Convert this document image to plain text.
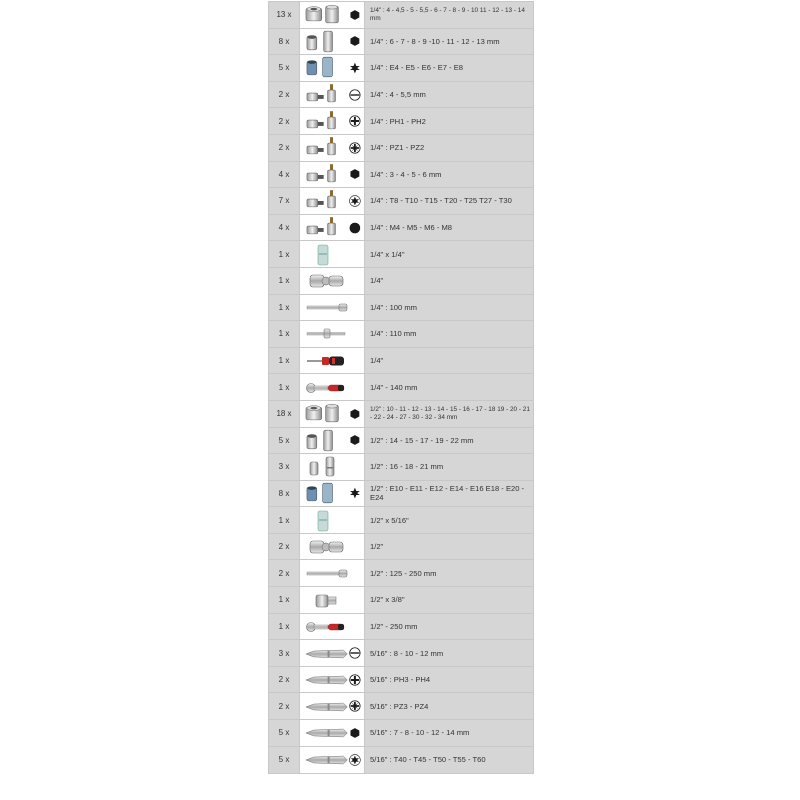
13 x	1/4" : 4 - 4,5 - 5 - 5,5 - 6 - 7 - 8 - 9 - 10 11 - 12 - 13 - 14 mm
8 x	1/4" : 6 - 7 - 8 - 9 -10 - 11 - 12 - 13 mm
5 x	1/4" : E4 - E5 - E6 - E7 - E8
2 x	1/4" : 4 - 5,5 mm
2 x	1/4" : PH1 - PH2
2 x	1/4" : PZ1 - PZ2
4 x	1/4" : 3 - 4 - 5 - 6 mm
7 x	1/4" : T8 - T10 - T15 - T20 - T25 T27 - T30
4 x	1/4" : M4 - M5 - M6 - M8
1 x	1/4" x 1/4"
1 x	1/4"
1 x	1/4" : 100 mm
1 x	1/4" : 110 mm
1 x	1/4"
1 x	1/4" - 140 mm
18 x	1/2" : 10 - 11 - 12 - 13 - 14 - 15 - 16 - 17 - 18 19 - 20 - 21 - 22 - 24 - 27 - 30 - 32 - 34 mm
5 x	1/2" : 14 - 15 - 17 - 19 - 22 mm
3 x	1/2" : 16 - 18 - 21 mm
8 x	1/2" : E10 - E11 - E12 - E14 - E16 E18 - E20 - E24
1 x	1/2" x 5/16"
2 x	1/2"
2 x	1/2" : 125 - 250 mm
1 x	1/2" x 3/8"
1 x	1/2" - 250 mm
3 x	5/16" : 8 - 10 - 12 mm
2 x	5/16" : PH3 - PH4
2 x	5/16" : PZ3 - PZ4
5 x	5/16" : 7 - 8 - 10 - 12 - 14 mm
5 x	5/16" : T40 - T45 - T50 - T55 - T60
